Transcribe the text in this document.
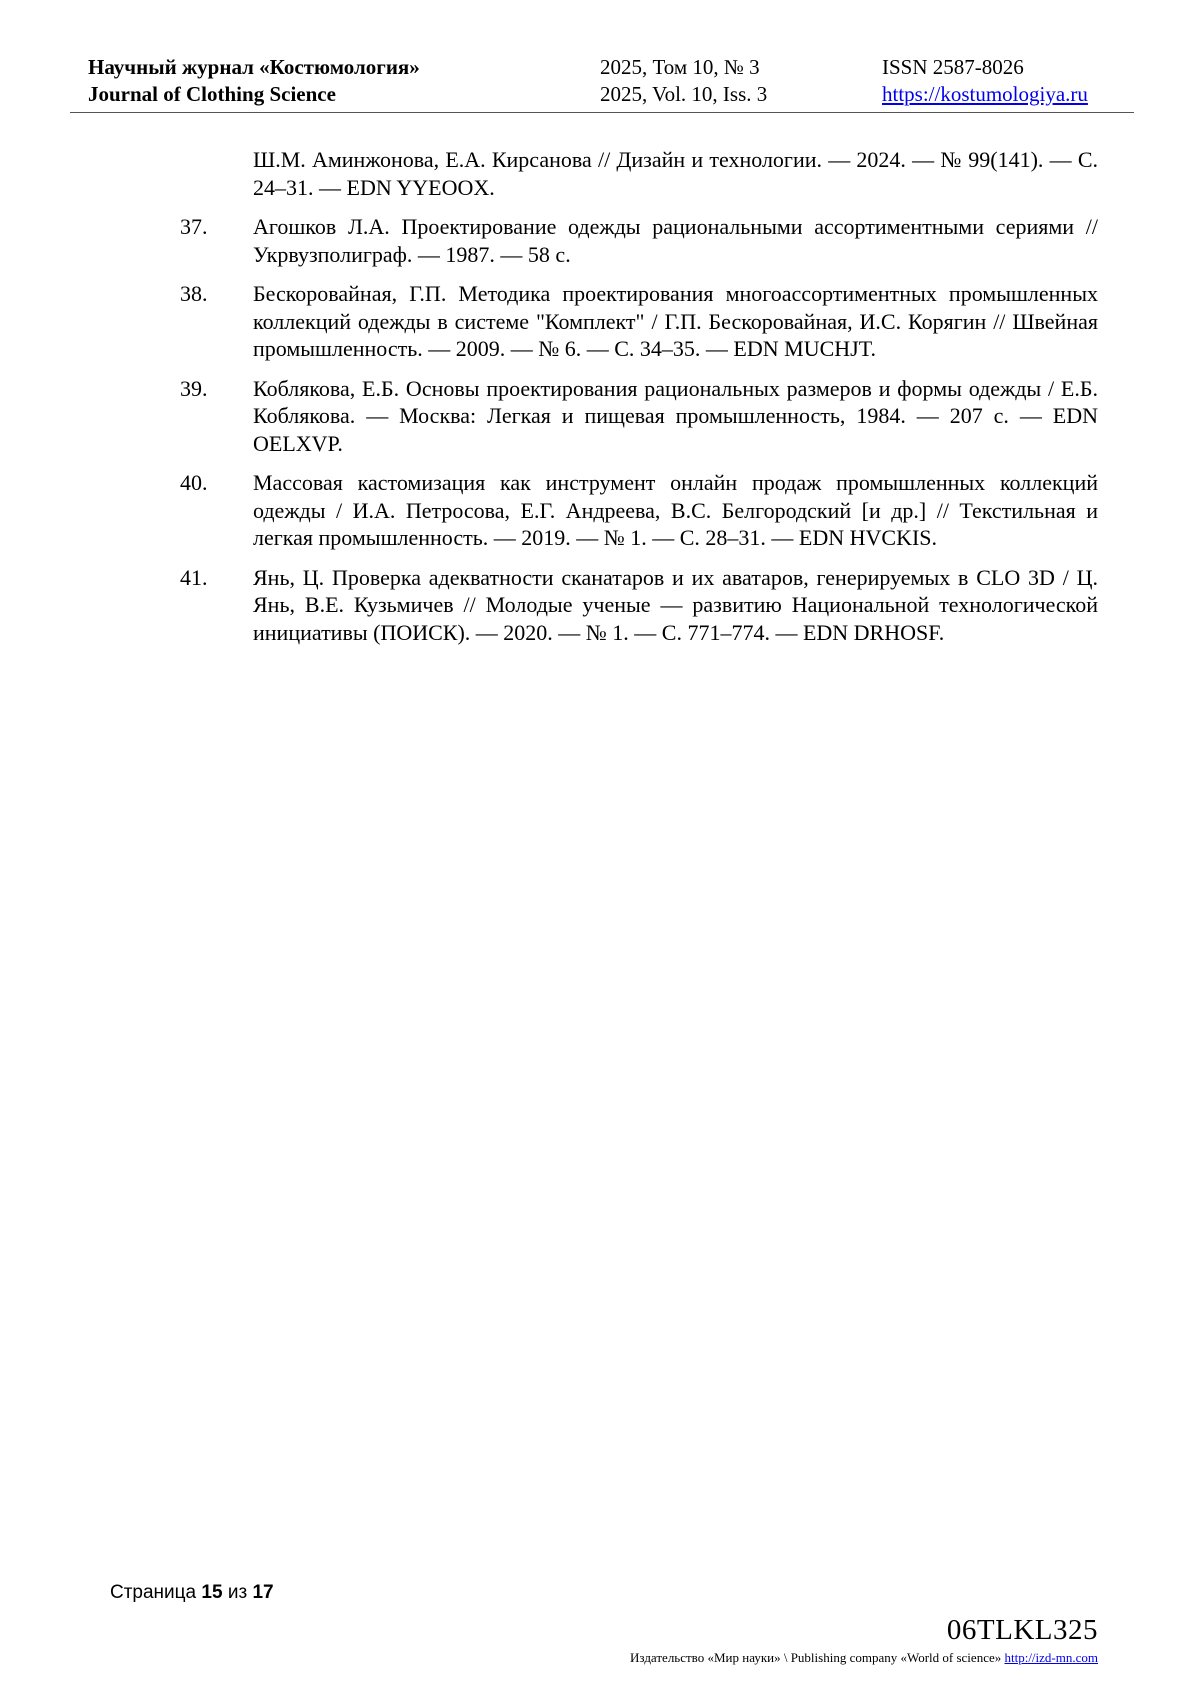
Научный журнал «Костюмология»
Journal of Clothing Science
2025, Том 10, № 3
2025, Vol. 10, Iss. 3
ISSN 2587-8026
https://kostumologiya.ru
Ш.М. Аминжонова, Е.А. Кирсанова // Дизайн и технологии. — 2024. — № 99(141). — С. 24–31. — EDN YYEOOX.
37.	Агошков Л.А. Проектирование одежды рациональными ассортиментными сериями // Укрвузполиграф. — 1987. — 58 с.
38.	Бескоровайная, Г.П. Методика проектирования многоассортиментных промышленных коллекций одежды в системе "Комплект" / Г.П. Бескоровайная, И.С. Корягин // Швейная промышленность. — 2009. — № 6. — С. 34–35. — EDN MUCHJT.
39.	Коблякова, Е.Б. Основы проектирования рациональных размеров и формы одежды / Е.Б. Коблякова. — Москва: Легкая и пищевая промышленность, 1984. — 207 с. — EDN OELXVP.
40.	Массовая кастомизация как инструмент онлайн продаж промышленных коллекций одежды / И.А. Петросова, Е.Г. Андреева, В.С. Белгородский [и др.] // Текстильная и легкая промышленность. — 2019. — № 1. — С. 28–31. — EDN HVCKIS.
41.	Янь, Ц. Проверка адекватности сканатаров и их аватаров, генерируемых в CLO 3D / Ц. Янь, В.Е. Кузьмичев // Молодые ученые — развитию Национальной технологической инициативы (ПОИСК). — 2020. — № 1. — С. 771–774. — EDN DRHOSF.
Страница 15 из 17
06TLKL325
Издательство «Мир науки» \ Publishing company «World of science» http://izd-mn.com
